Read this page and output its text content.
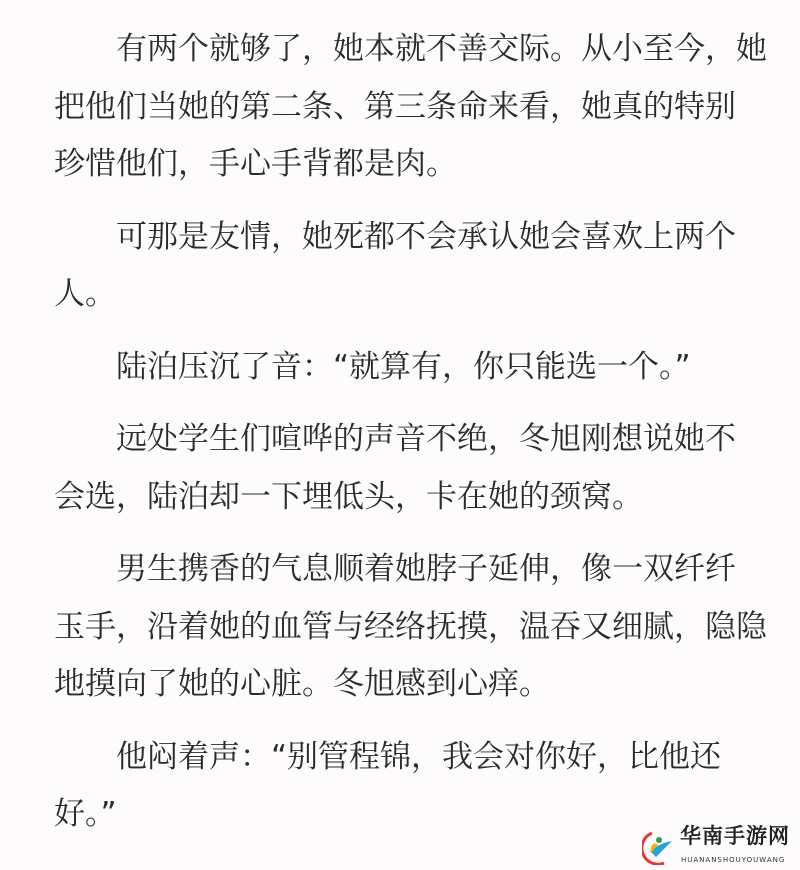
有两个就够了，她本就不善交际。从小至今，她
把他们当她的第二条、第三条命来看，她真的特别
珍惜他们，手心手背都是肉。

可那是友情，她死都不会承认她会喜欢上两个
人。

陆泊压沉了音：“就算有，你只能选一个。”

远处学生们喧哗的声音不绝，冬旭刚想说她不
会选，陆泊却一下埋低头，卡在她的颈窝。

男生携香的气息顺着她脖子延伸，像一双纤纤
玉手，沿着她的血管与经络抚摸，温吞又细腻，隐隐
地摸向了她的心脏。冬旭感到心痒。

他闷着声：“别管程锦，我会对你好，比他还
好。”

华南手游网
HUANANSHOUYOUWANG
